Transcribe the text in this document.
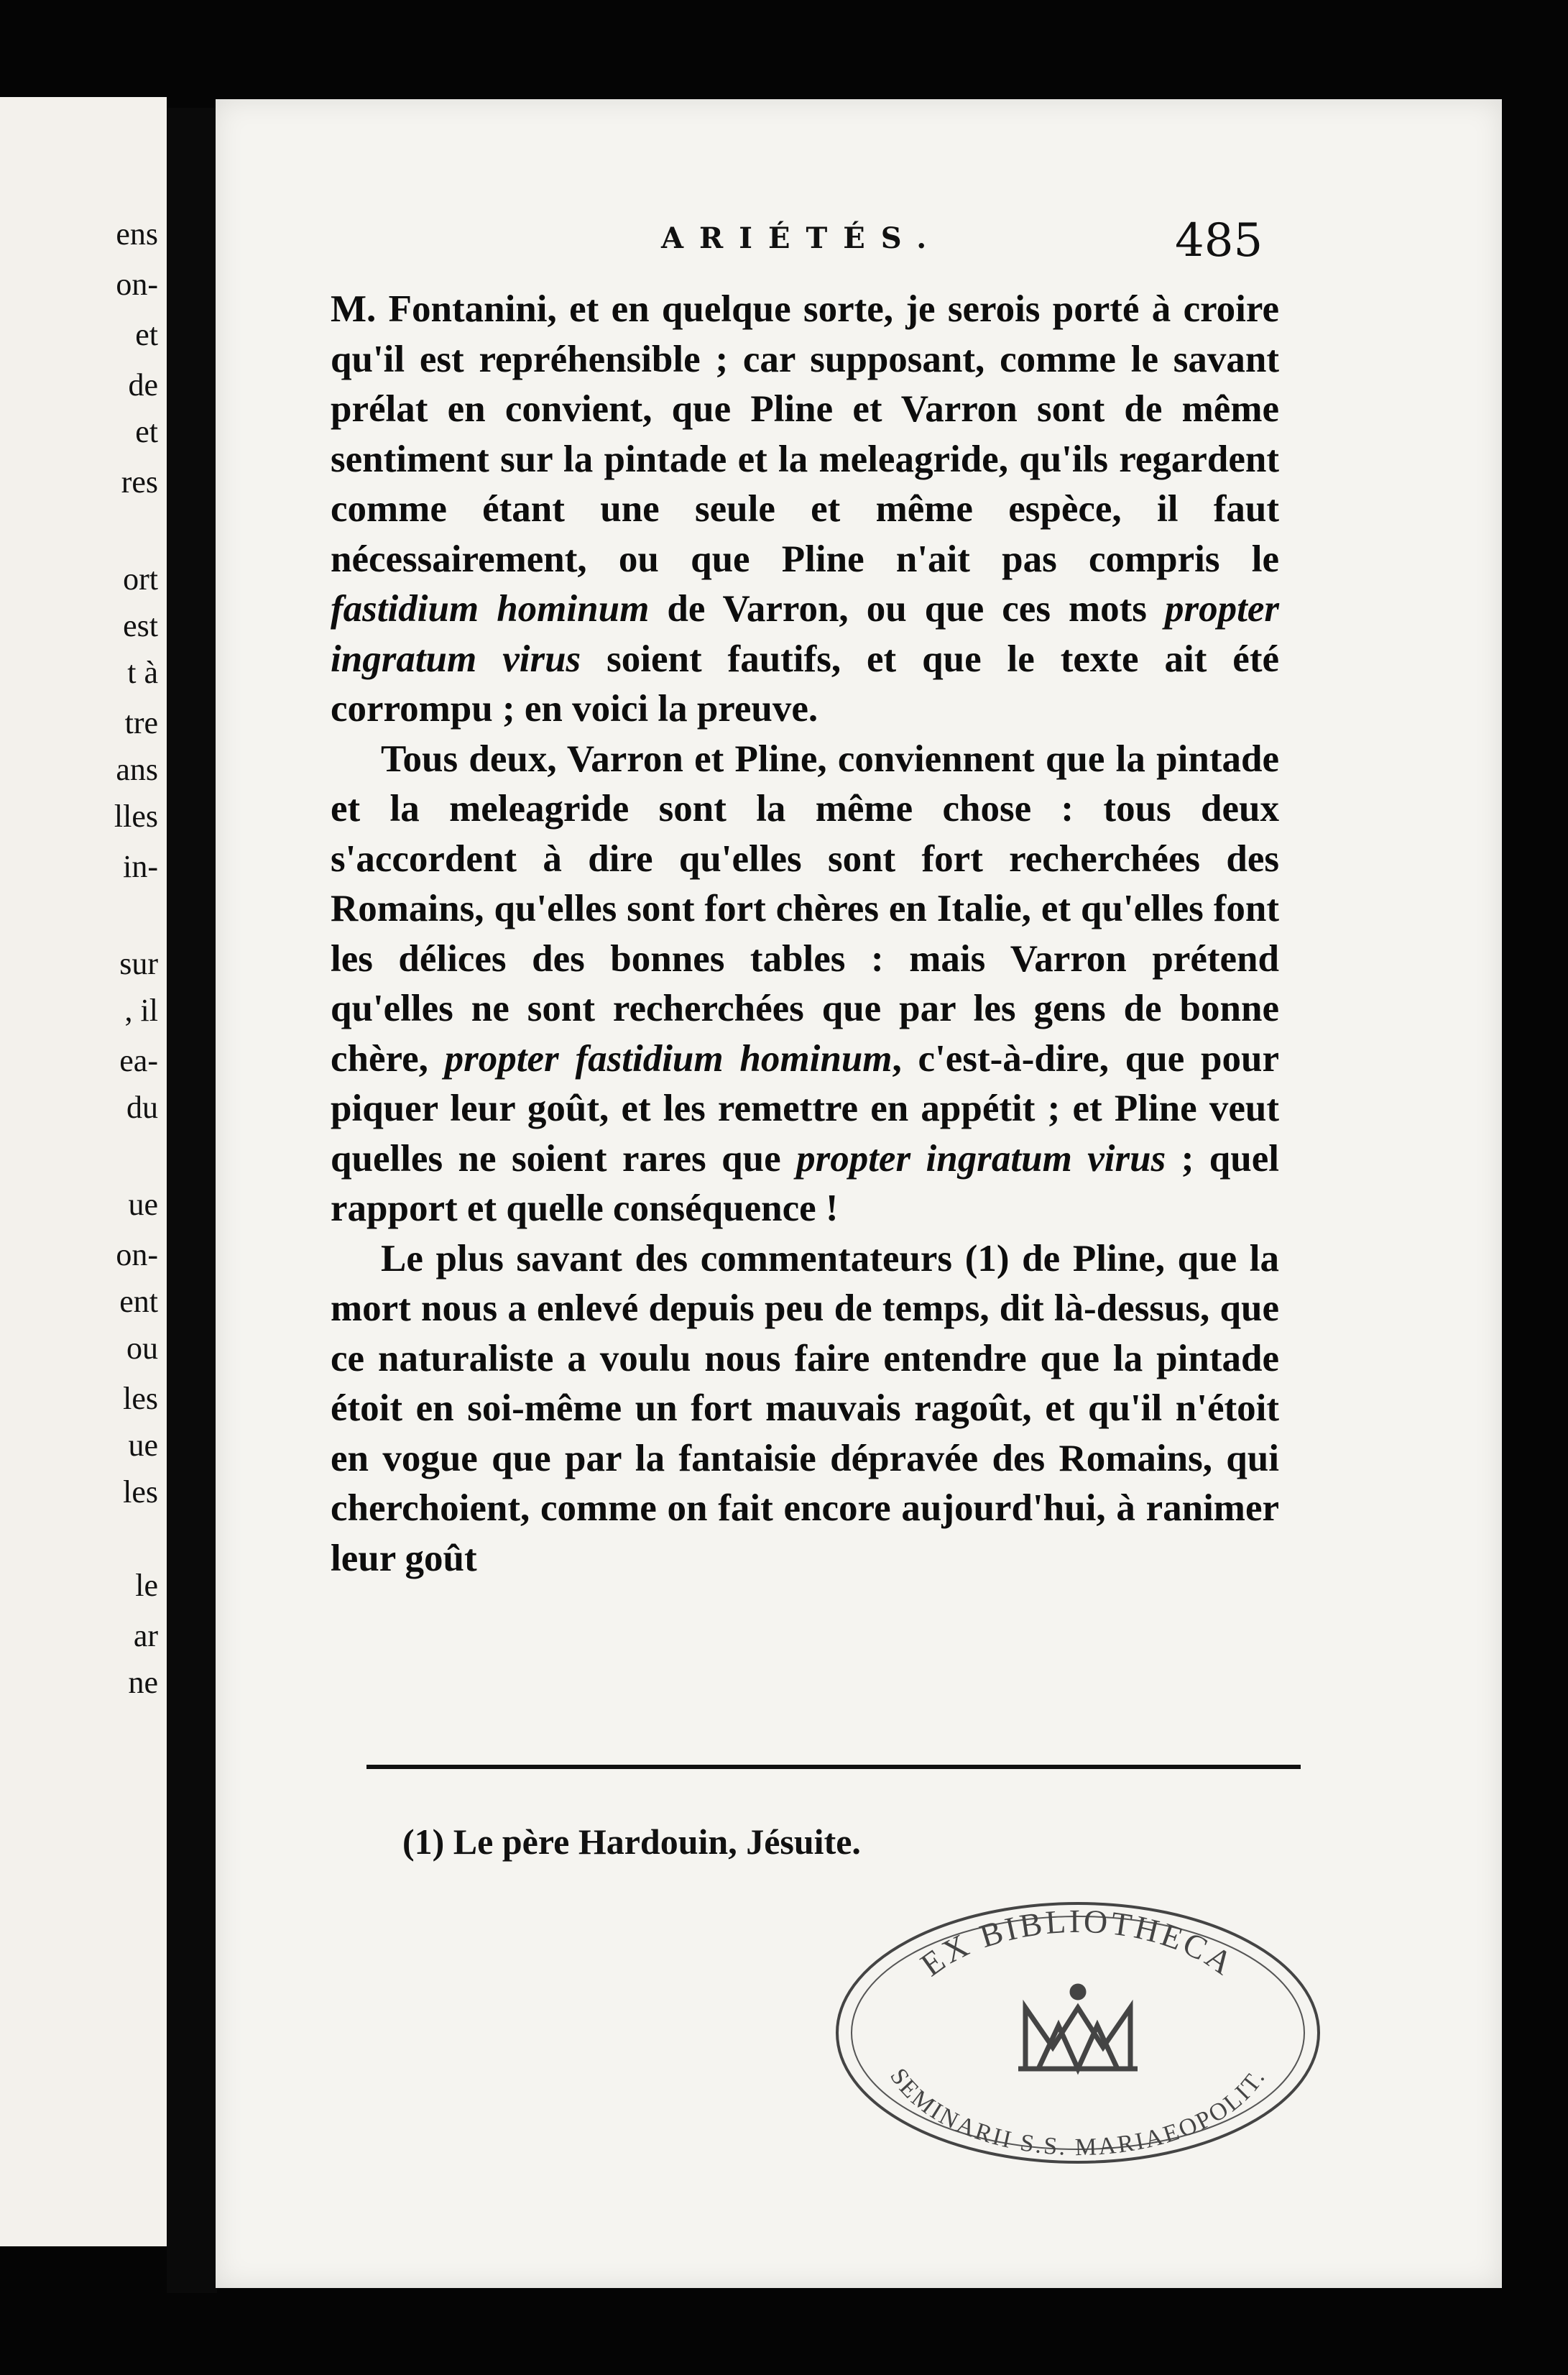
ens
on-
et
de
et
res
ort
est
t à
tre
ans
lles
in-
sur
, il
ea-
du
ue
on-
ent
ou
les
ue
les
le
ar
ne
ARIÉTÉS.	485

M. Fontanini, et en quelque sorte, je serois porté à croire qu'il est repréhensible ; car supposant, comme le savant prélat en convient, que Pline et Varron sont de même sentiment sur la pintade et la meleagride, qu'ils regardent comme étant une seule et même espèce, il faut nécessairement, ou que Pline n'ait pas compris le fastidium hominum de Varron, ou que ces mots propter ingratum virus soient fautifs, et que le texte ait été corrompu ; en voici la preuve.

Tous deux, Varron et Pline, conviennent que la pintade et la meleagride sont la même chose : tous deux s'accordent à dire qu'elles sont fort recherchées des Romains, qu'elles sont fort chères en Italie, et qu'elles font les délices des bonnes tables : mais Varron prétend qu'elles ne sont recherchées que par les gens de bonne chère, propter fastidium hominum, c'est-à-dire, que pour piquer leur goût, et les remettre en appétit ; et Pline veut quelles ne soient rares que propter ingratum virus ; quel rapport et quelle conséquence !

Le plus savant des commentateurs (1) de Pline, que la mort nous a enlevé depuis peu de temps, dit là-dessus, que ce naturaliste a voulu nous faire entendre que la pintade étoit en soi-même un fort mauvais ragoût, et qu'il n'étoit en vogue que par la fantaisie dépravée des Romains, qui cherchoient, comme on fait encore aujourd'hui, à ranimer leur goût

(1) Le père Hardouin, Jésuite.
EX BIBLIOTHECA
SEMINARII S.S. MARIAEOPOLIT.
